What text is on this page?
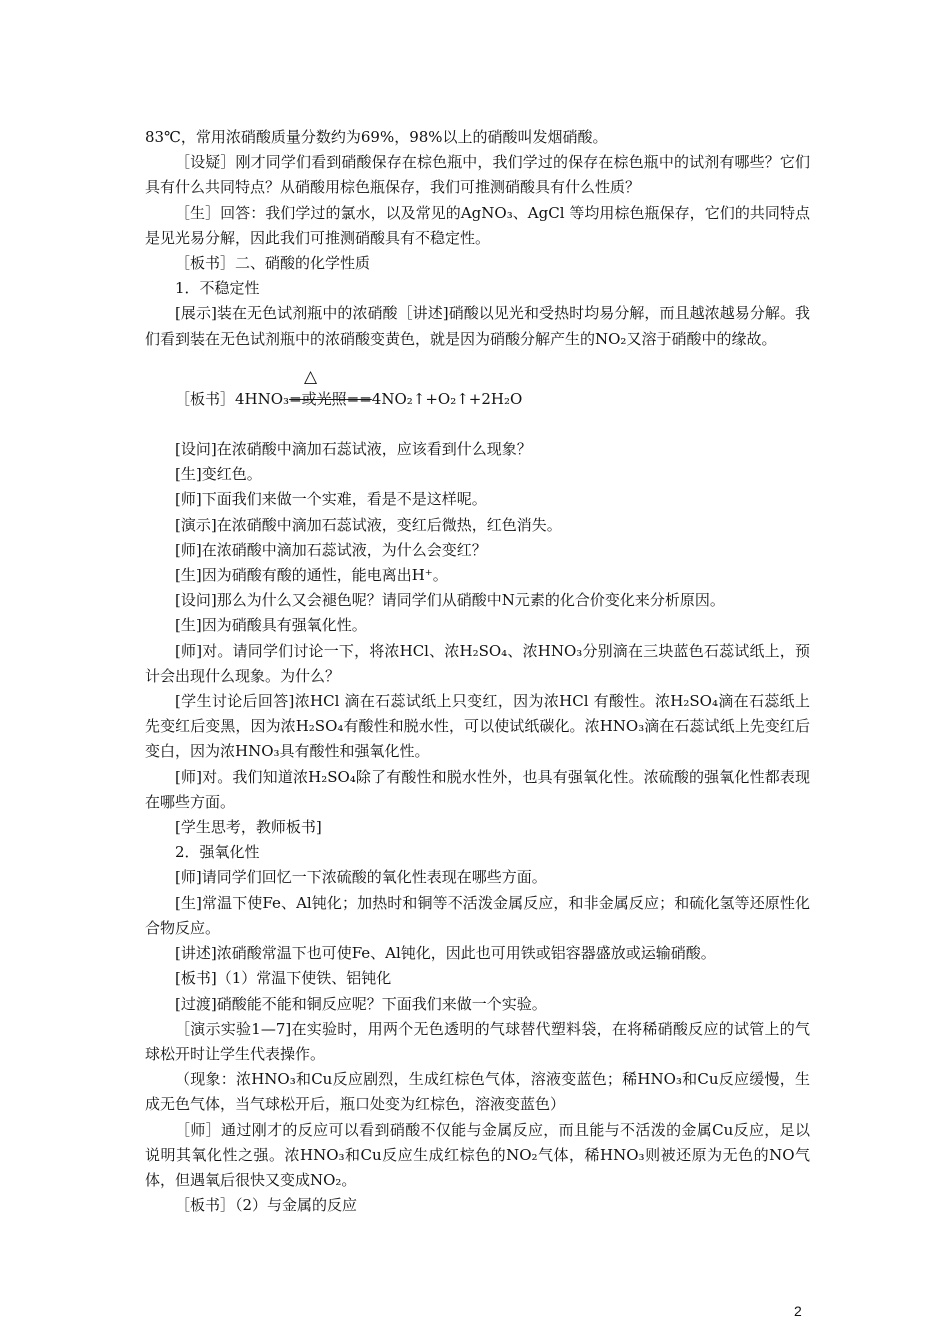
83℃，常用浓硝酸质量分数约为69%，98%以上的硝酸叫发烟硝酸。

［设疑］刚才同学们看到硝酸保存在棕色瓶中，我们学过的保存在棕色瓶中的试剂有哪些？它们具有什么共同特点？从硝酸用棕色瓶保存，我们可推测硝酸具有什么性质？

［生］回答：我们学过的氯水，以及常见的AgNO₃、AgCl 等均用棕色瓶保存，它们的共同特点是见光易分解，因此我们可推测硝酸具有不稳定性。

［板书］二、硝酸的化学性质

1．不稳定性

[展示]装在无色试剂瓶中的浓硝酸［讲述]硝酸以见光和受热时均易分解，而且越浓越易分解。我们看到装在无色试剂瓶中的浓硝酸变黄色，就是因为硝酸分解产生的NO₂又溶于硝酸中的缘故。

［板书］4HNO₃=或光照==4NO₂↑+O₂↑+2H₂O
△

[设问]在浓硝酸中滴加石蕊试液，应该看到什么现象？

[生]变红色。

[师]下面我们来做一个实难，看是不是这样呢。

[演示]在浓硝酸中滴加石蕊试液，变红后微热，红色消失。

[师]在浓硝酸中滴加石蕊试液，为什么会变红？

[生]因为硝酸有酸的通性，能电离出H⁺。

[设问]那么为什么又会褪色呢？请同学们从硝酸中N元素的化合价变化来分析原因。

[生]因为硝酸具有强氧化性。

[师]对。请同学们讨论一下，将浓HCl、浓H₂SO₄、浓HNO₃分别滴在三块蓝色石蕊试纸上，预计会出现什么现象。为什么？

[学生讨论后回答]浓HCl 滴在石蕊试纸上只变红，因为浓HCl 有酸性。浓H₂SO₄滴在石蕊纸上先变红后变黑，因为浓H₂SO₄有酸性和脱水性，可以使试纸碳化。浓HNO₃滴在石蕊试纸上先变红后变白，因为浓HNO₃具有酸性和强氧化性。

[师]对。我们知道浓H₂SO₄除了有酸性和脱水性外，也具有强氧化性。浓硫酸的强氧化性都表现在哪些方面。

[学生思考，教师板书]

2．强氧化性

[师]请同学们回忆一下浓硫酸的氧化性表现在哪些方面。

[生]常温下使Fe、Al钝化；加热时和铜等不活泼金属反应，和非金属反应；和硫化氢等还原性化合物反应。

[讲述]浓硝酸常温下也可使Fe、Al钝化，因此也可用铁或铝容器盛放或运输硝酸。

[板书]（1）常温下使铁、铝钝化

[过渡]硝酸能不能和铜反应呢？下面我们来做一个实验。

［演示实验1—7]在实验时，用两个无色透明的气球替代塑料袋，在将稀硝酸反应的试管上的气球松开时让学生代表操作。

（现象：浓HNO₃和Cu反应剧烈，生成红棕色气体，溶液变蓝色；稀HNO₃和Cu反应缓慢，生成无色气体，当气球松开后，瓶口处变为红棕色，溶液变蓝色）

［师］通过刚才的反应可以看到硝酸不仅能与金属反应，而且能与不活泼的金属Cu反应，足以说明其氧化性之强。浓HNO₃和Cu反应生成红棕色的NO₂气体，稀HNO₃则被还原为无色的NO气体，但遇氧后很快又变成NO₂。

［板书］（2）与金属的反应

2
